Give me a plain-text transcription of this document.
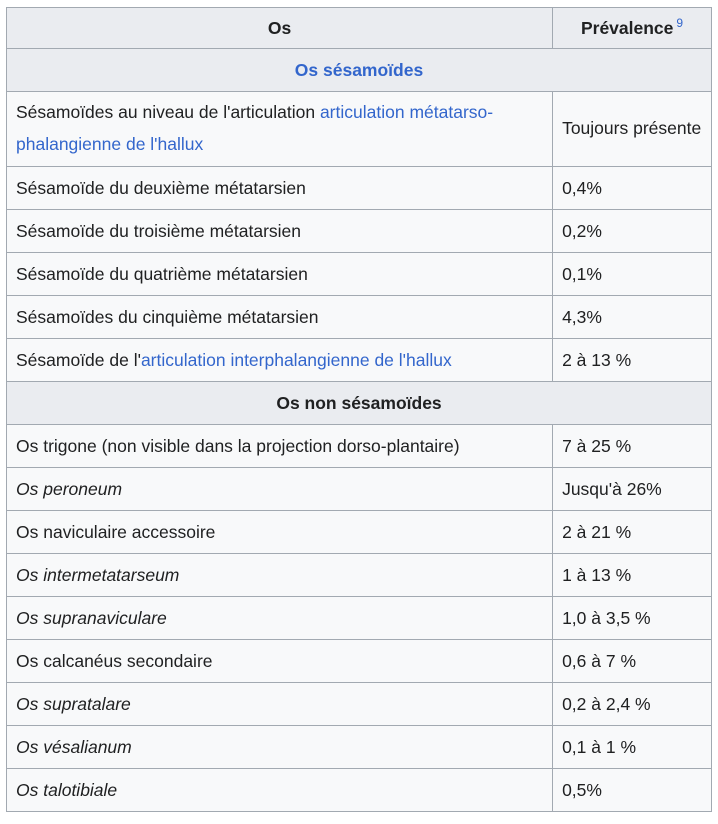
Os	Prévalence $^9$
Os sésamoïdes	
Sésamoïdes au niveau de l'articulation articulation métatarso-phalangienne de l'hallux	Toujours présente
Sésamoïde du deuxième métatarsien	0,4%
Sésamoïde du troisième métatarsien	0,2%
Sésamoïde du quatrième métatarsien	0,1%
Sésamoïdes du cinquième métatarsien	4,3%
Sésamoïde de l'articulation interphalangienne de l'hallux	2 à 13 %
Os non sésamoïdes	
Os trigone (non visible dans la projection dorso-plantaire)	7 à 25 %
Os peroneum	Jusqu'à 26%
Os naviculaire accessoire	2 à 21 %
Os intermetatarseum	1 à 13 %
Os supranaviculare	1,0 à 3,5 %
Os calcanéus secondaire	0,6 à 7 %
Os supratalare	0,2 à 2,4 %
Os vésalianum	0,1 à 1 %
Os talotibiale	0,5%
